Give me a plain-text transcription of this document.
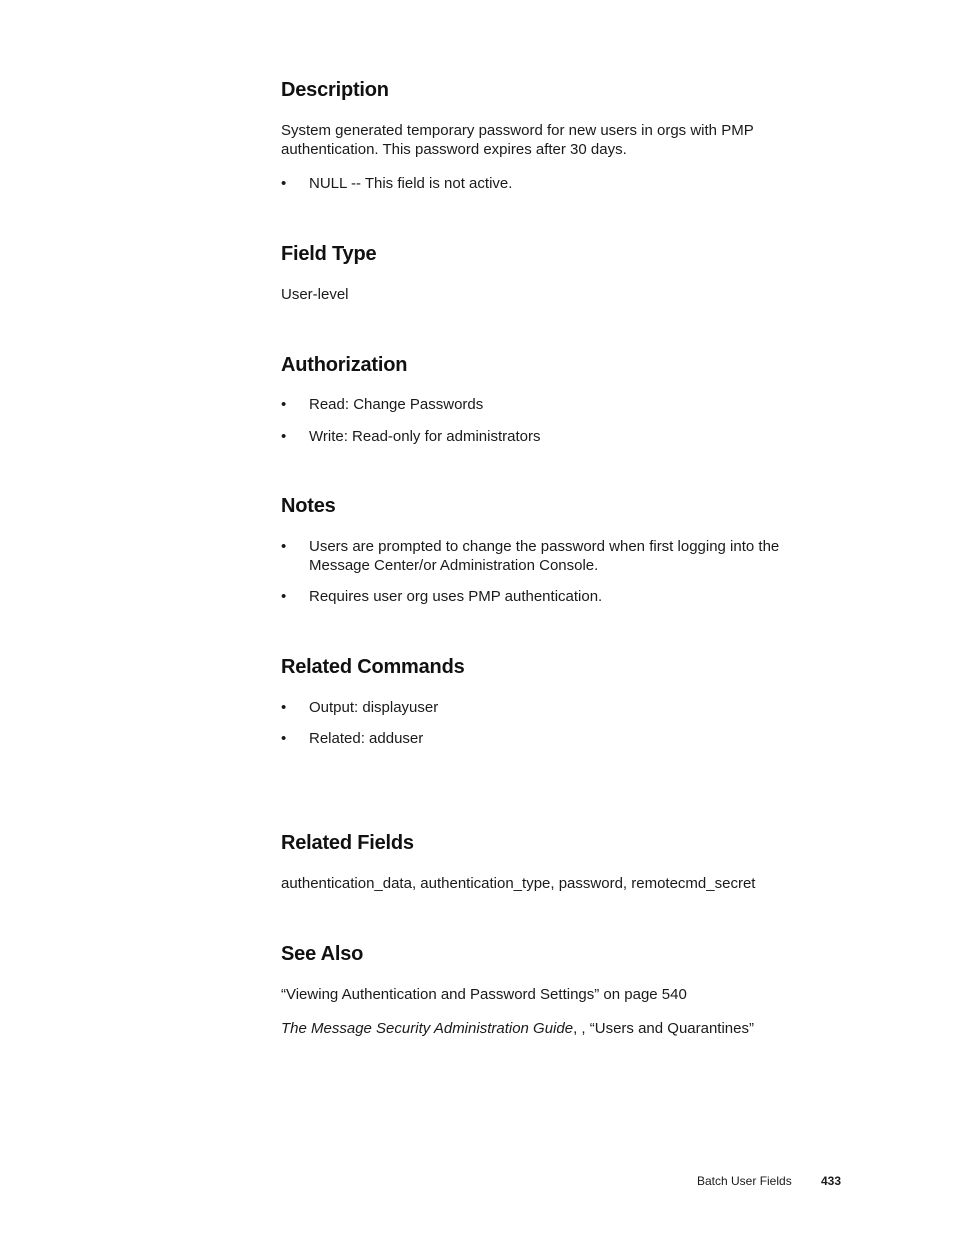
Description

System generated temporary password for new users in orgs with PMP authentication. This password expires after 30 days.

• NULL -- This field is not active.
Field Type

User-level

Authorization
• Read: Change Passwords
• Write: Read-only for administrators
Notes
• Users are prompted to change the password when first logging into the Message Center/or Administration Console.
• Requires user org uses PMP authentication.
Related Commands
• Output: displayuser
• Related: adduser
Related Fields

authentication_data, authentication_type, password, remotecmd_secret

See Also

“Viewing Authentication and Password Settings” on page 540

The Message Security Administration Guide, , “Users and Quarantines”

Batch User Fields 433
